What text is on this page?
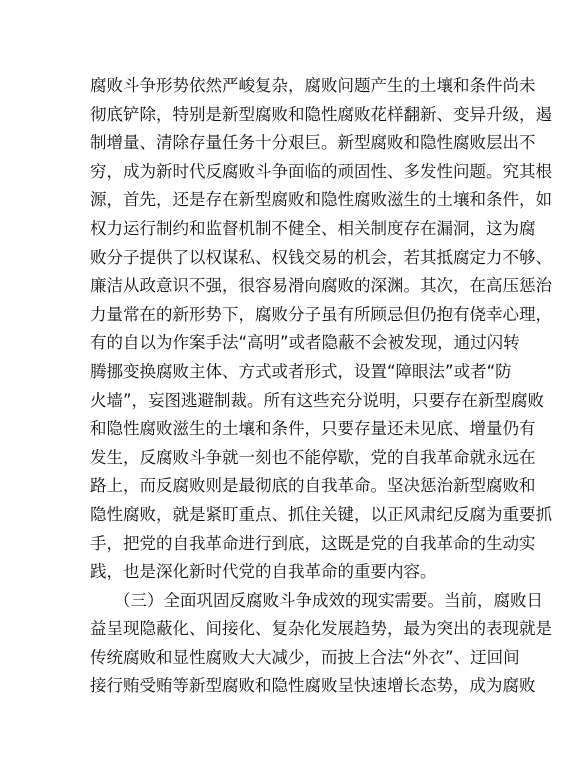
腐败斗争形势依然严峻复杂，腐败问题产生的土壤和条件尚未
彻底铲除，特别是新型腐败和隐性腐败花样翻新、变异升级，遏
制增量、清除存量任务十分艰巨。新型腐败和隐性腐败层出不
穷，成为新时代反腐败斗争面临的顽固性、多发性问题。究其根
源，首先，还是存在新型腐败和隐性腐败滋生的土壤和条件，如
权力运行制约和监督机制不健全、相关制度存在漏洞，这为腐
败分子提供了以权谋私、权钱交易的机会，若其抵腐定力不够、
廉洁从政意识不强，很容易滑向腐败的深渊。其次，在高压惩治
力量常在的新形势下，腐败分子虽有所顾忌但仍抱有侥幸心理，
有的自以为作案手法“高明”或者隐蔽不会被发现，通过闪转
腾挪变换腐败主体、方式或者形式，设置“障眼法”或者“防
火墙”，妄图逃避制裁。所有这些充分说明，只要存在新型腐败
和隐性腐败滋生的土壤和条件，只要存量还未见底、增量仍有
发生，反腐败斗争就一刻也不能停歇，党的自我革命就永远在
路上，而反腐败则是最彻底的自我革命。坚决惩治新型腐败和
隐性腐败，就是紧盯重点、抓住关键，以正风肃纪反腐为重要抓
手，把党的自我革命进行到底，这既是党的自我革命的生动实
践，也是深化新时代党的自我革命的重要内容。
（三）全面巩固反腐败斗争成效的现实需要。当前，腐败日
益呈现隐蔽化、间接化、复杂化发展趋势，最为突出的表现就是
传统腐败和显性腐败大大减少，而披上合法“外衣”、迂回间
接行贿受贿等新型腐败和隐性腐败呈快速增长态势，成为腐败
